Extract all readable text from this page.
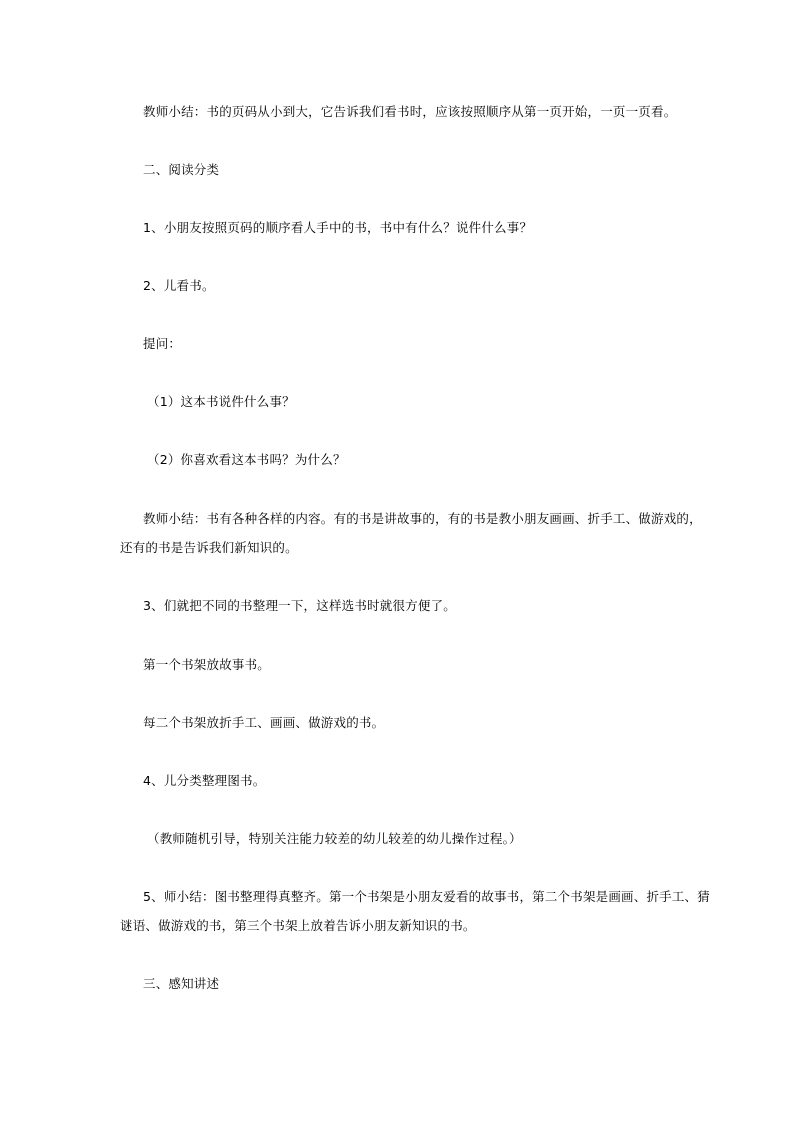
教师小结：书的页码从小到大，它告诉我们看书时，应该按照顺序从第一页开始，一页一页看。
二、阅读分类
1、小朋友按照页码的顺序看人手中的书，书中有什么？说件什么事？
2、儿看书。
提问：
（1）这本书说件什么事？
（2）你喜欢看这本书吗？为什么？
教师小结：书有各种各样的内容。有的书是讲故事的，有的书是教小朋友画画、折手工、做游戏的，
还有的书是告诉我们新知识的。
3、们就把不同的书整理一下，这样选书时就很方便了。
第一个书架放故事书。
每二个书架放折手工、画画、做游戏的书。
4、儿分类整理图书。
（教师随机引导，特别关注能力较差的幼儿较差的幼儿操作过程。）
5、师小结：图书整理得真整齐。第一个书架是小朋友爱看的故事书，第二个书架是画画、折手工、猜
谜语、做游戏的书，第三个书架上放着告诉小朋友新知识的书。
三、感知讲述
